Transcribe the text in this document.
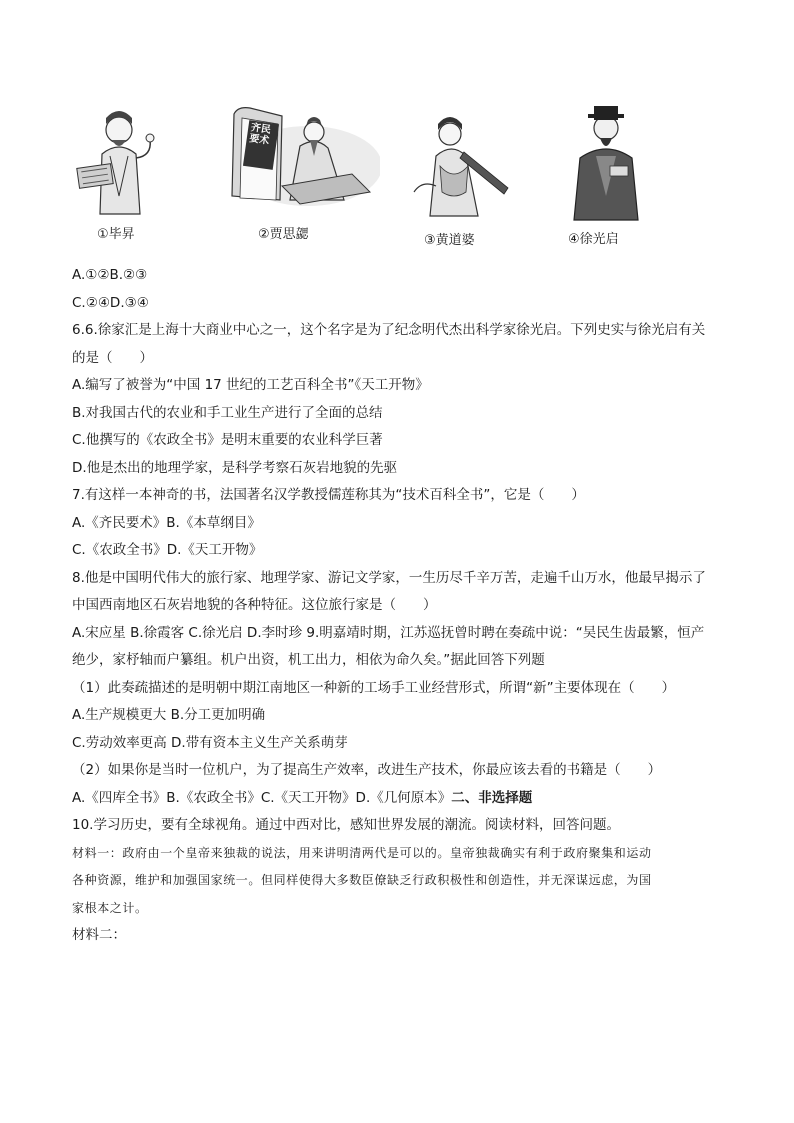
①毕昇
齐民要术
②贾思勰	③黄道婆	④徐光启
A.①②B.②③
C.②④D.③④
6.6.徐家汇是上海十大商业中心之一，这个名字是为了纪念明代杰出科学家徐光启。下列史实与徐光启有关
的是（　　）
A.编写了被誉为“中国 17 世纪的工艺百科全书”《天工开物》
B.对我国古代的农业和手工业生产进行了全面的总结
C.他撰写的《农政全书》是明末重要的农业科学巨著
D.他是杰出的地理学家，是科学考察石灰岩地貌的先驱
7.有这样一本神奇的书，法国著名汉学教授儒莲称其为“技术百科全书”，它是（　　）
A.《齐民要术》B.《本草纲目》
C.《农政全书》D.《天工开物》
8.他是中国明代伟大的旅行家、地理学家、游记文学家，一生历尽千辛万苦，走遍千山万水，他最早揭示了
中国西南地区石灰岩地貌的各种特征。这位旅行家是（　　）
A.宋应星 B.徐霞客 C.徐光启 D.李时珍 9.明嘉靖时期，江苏巡抚曾时聘在奏疏中说：“吴民生齿最繁，恒产
绝少，家杼轴而户纂组。机户出资，机工出力，相依为命久矣。”据此回答下列题
（1）此奏疏描述的是明朝中期江南地区一种新的工场手工业经营形式，所谓“新”主要体现在（　　）
A.生产规模更大 B.分工更加明确
C.劳动效率更高 D.带有资本主义生产关系萌芽
（2）如果你是当时一位机户，为了提高生产效率，改进生产技术，你最应该去看的书籍是（　　）
A.《四库全书》B.《农政全书》C.《天工开物》D.《几何原本》二、非选择题
10.学习历史，要有全球视角。通过中西对比，感知世界发展的潮流。阅读材料，回答问题。
材料一：政府由一个皇帝来独裁的说法，用来讲明清两代是可以的。皇帝独裁确实有利于政府聚集和运动
各种资源，维护和加强国家统一。但同样使得大多数臣僚缺乏行政积极性和创造性，并无深谋远虑，为国
家根本之计。
材料二：
